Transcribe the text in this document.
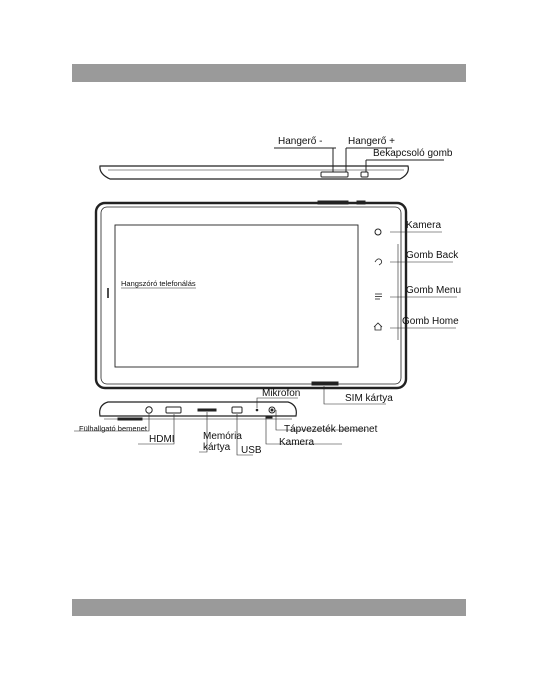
Hangerő -	Hangerő +
Bekapcsoló gomb
Kamera
Gomb Back
Gomb Menu
Gomb Home
Hangszóró telefonálás
Mikrofon	SIM kártya
Fülhallgató bemenet
HDMI	Memória kártya	USB
Tápvezeték bemenet
Kamera
